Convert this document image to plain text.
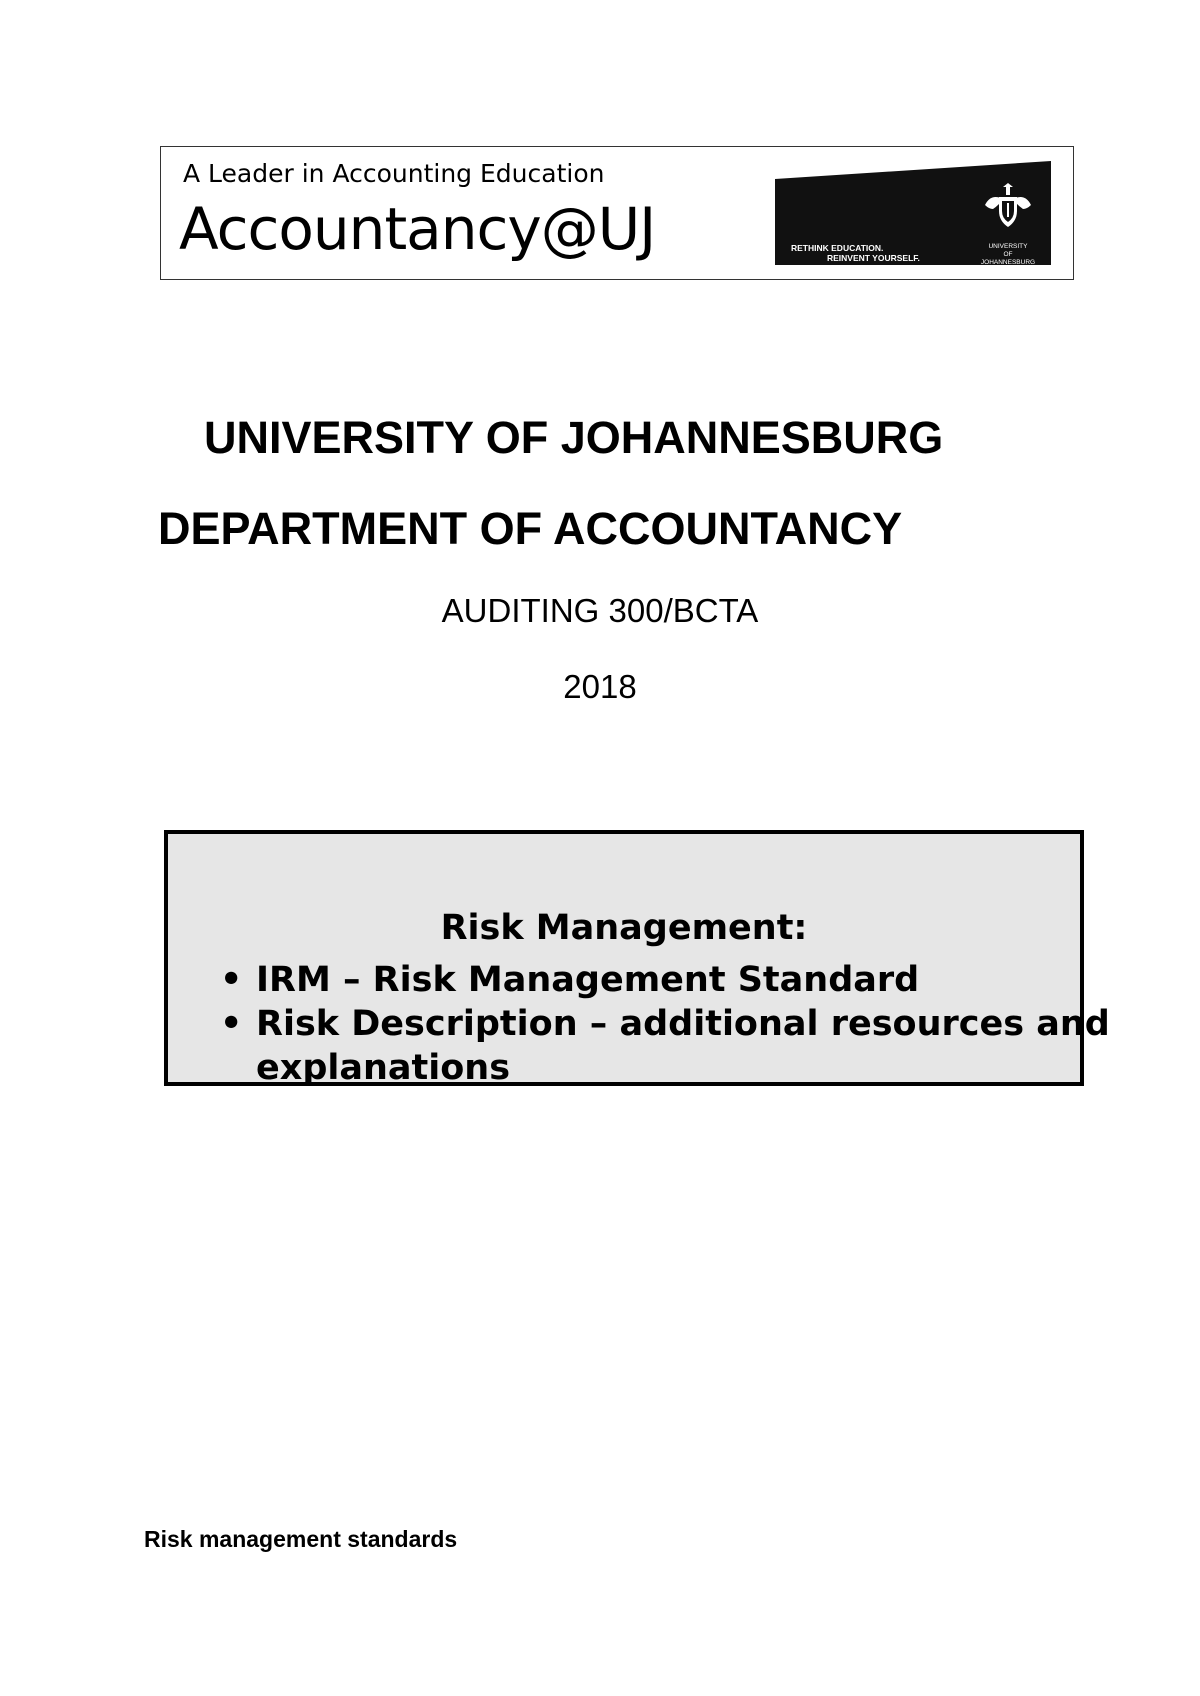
A Leader in Accounting Education
Accountancy@UJ	RETHINK EDUCATION.
REINVENT YOURSELF.
UNIVERSITY
OF
JOHANNESBURG
UNIVERSITY OF JOHANNESBURG
DEPARTMENT OF ACCOUNTANCY
AUDITING 300/BCTA
2018
Risk Management:
• IRM – Risk Management Standard
• Risk Description – additional resources and
explanations
Risk management standards
